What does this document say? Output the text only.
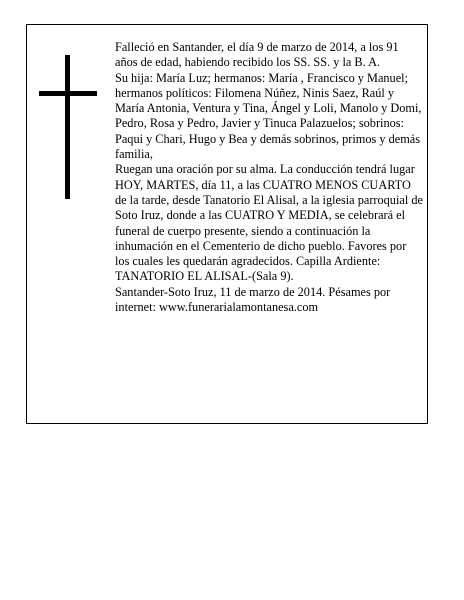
Falleció en Santander, el día 9 de marzo de 2014, a los 91 años de edad, habiendo recibido los SS. SS. y la B. A.

Su hija: María Luz; hermanos: María , Francisco y Manuel; hermanos políticos: Filomena Núñez, Ninis Saez, Raúl y María Antonia, Ventura y Tina, Ángel y Loli, Manolo y Domi, Pedro, Rosa y Pedro, Javier y Tinuca Palazuelos; sobrinos: Paqui y Chari, Hugo y Bea y demás sobrinos, primos y demás familia,

Ruegan una oración por su alma. La conducción tendrá lugar HOY, MARTES, día 11, a las CUATRO MENOS CUARTO de la tarde, desde Tanatorio El Alisal, a la iglesia parroquial de Soto Iruz, donde a las CUATRO Y MEDIA, se celebrará el funeral de cuerpo presente, siendo a continuación la inhumación en el Cementerio de dicho pueblo. Favores por los cuales les quedarán agradecidos. Capilla Ardiente: TANATORIO EL ALISAL-(Sala 9).

Santander-Soto Iruz, 11 de marzo de 2014. Pésames por internet: www.funerarialamontanesa.com
